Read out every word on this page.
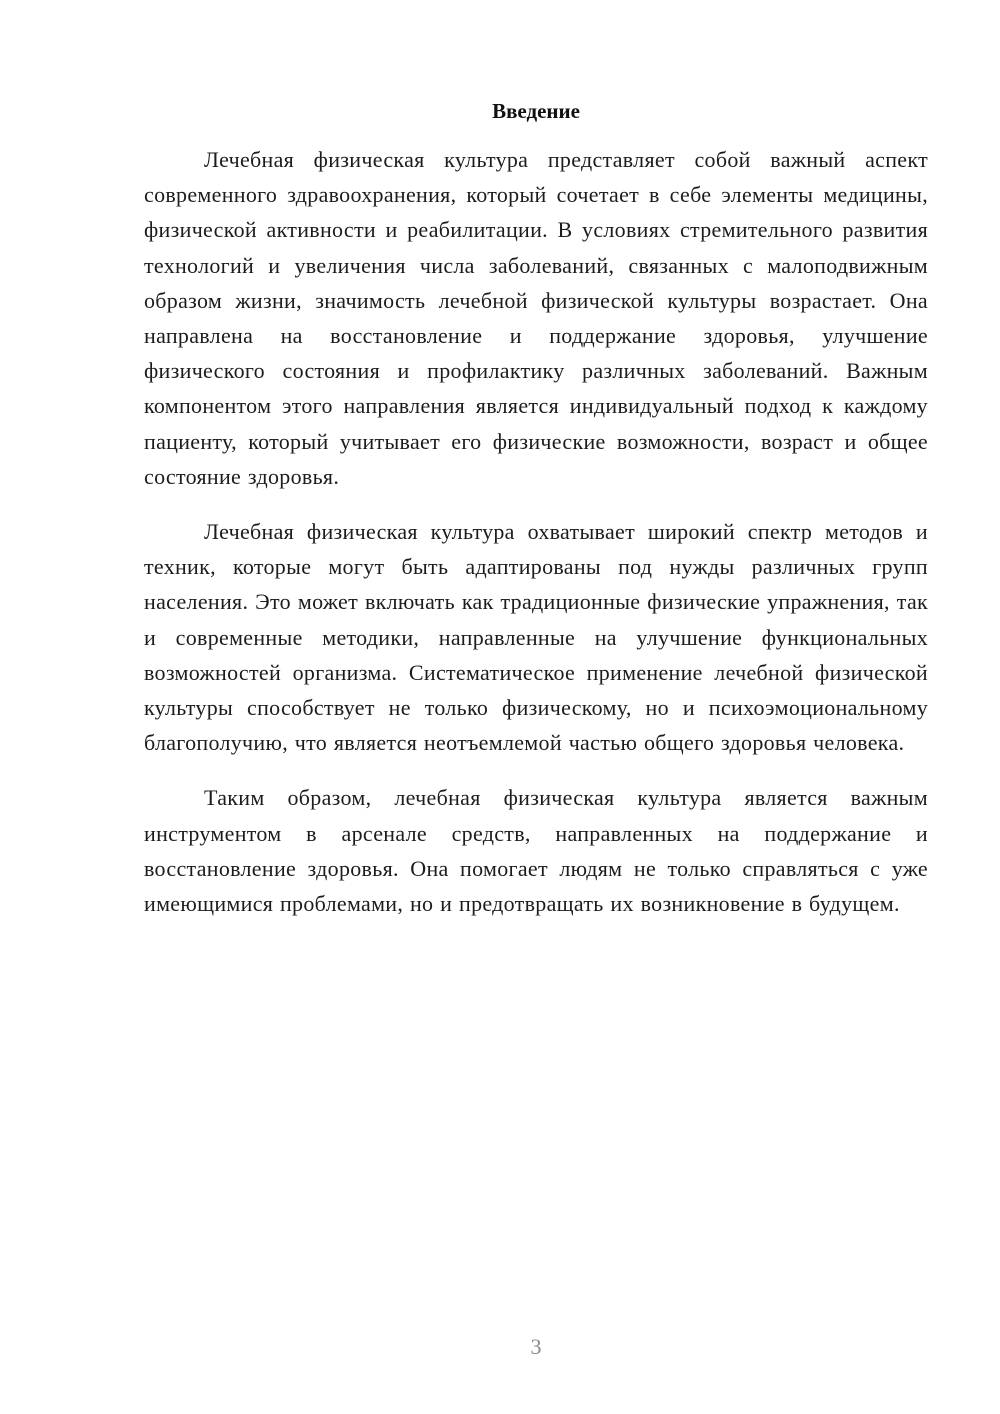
Введение

Лечебная физическая культура представляет собой важный аспект современного здравоохранения, который сочетает в себе элементы медицины, физической активности и реабилитации. В условиях стремительного развития технологий и увеличения числа заболеваний, связанных с малоподвижным образом жизни, значимость лечебной физической культуры возрастает. Она направлена на восстановление и поддержание здоровья, улучшение физического состояния и профилактику различных заболеваний. Важным компонентом этого направления является индивидуальный подход к каждому пациенту, который учитывает его физические возможности, возраст и общее состояние здоровья.

Лечебная физическая культура охватывает широкий спектр методов и техник, которые могут быть адаптированы под нужды различных групп населения. Это может включать как традиционные физические упражнения, так и современные методики, направленные на улучшение функциональных возможностей организма. Систематическое применение лечебной физической культуры способствует не только физическому, но и психоэмоциональному благополучию, что является неотъемлемой частью общего здоровья человека.

Таким образом, лечебная физическая культура является важным инструментом в арсенале средств, направленных на поддержание и восстановление здоровья. Она помогает людям не только справляться с уже имеющимися проблемами, но и предотвращать их возникновение в будущем.

3
